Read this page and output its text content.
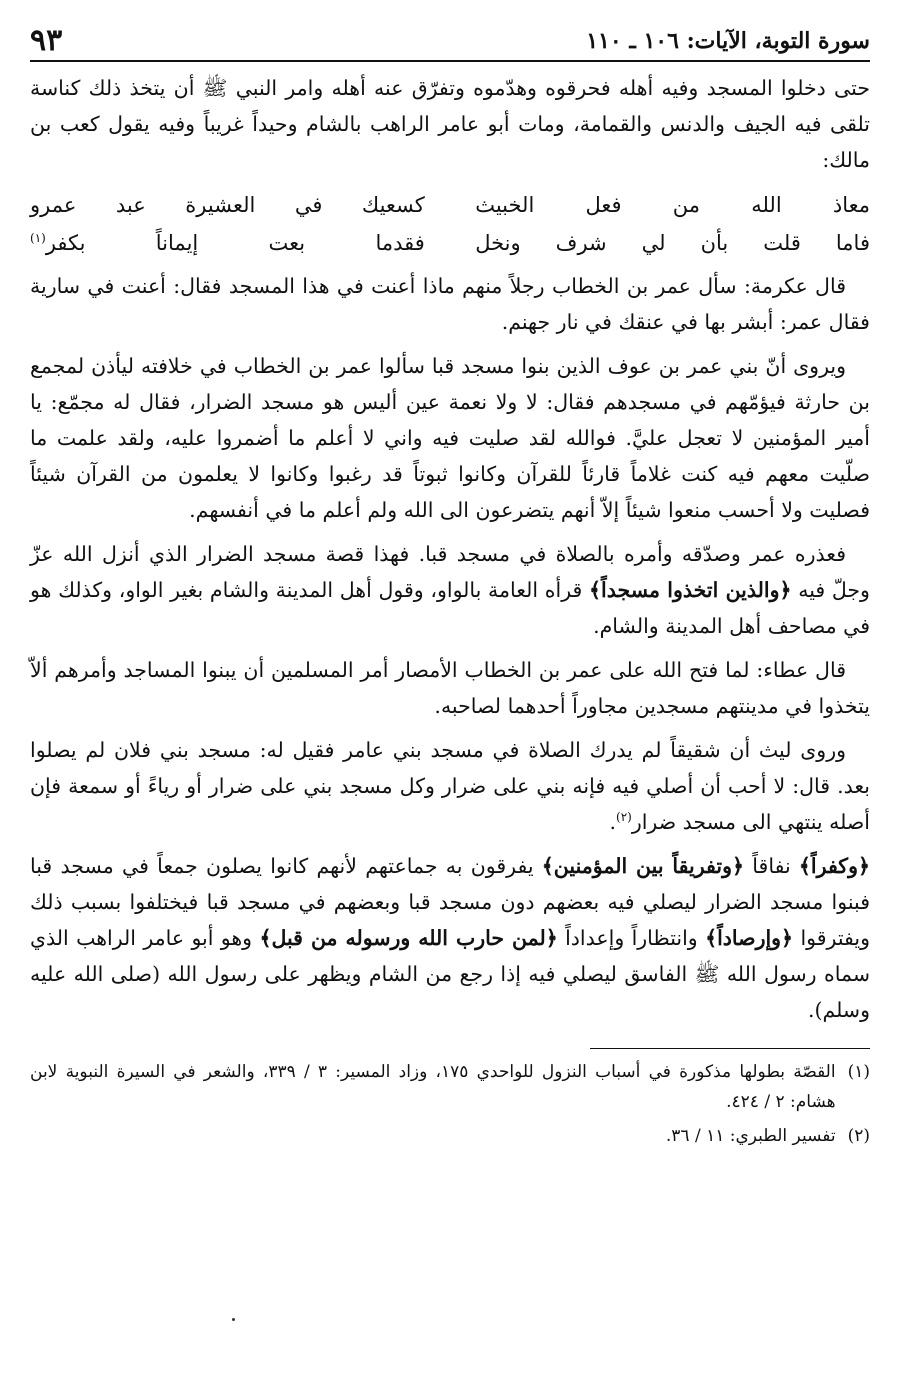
سورة التوبة، الآيات: ١٠٦ ـ ١١٠
٩٣

حتى دخلوا المسجد وفيه أهله فحرقوه وهدّموه وتفرّق عنه أهله وامر النبي ﷺ أن يتخذ ذلك كناسة تلقى فيه الجيف والدنس والقمامة، ومات أبو عامر الراهب بالشام وحيداً غريباً وفيه يقول كعب بن مالك:

معاذ الله من فعل الخبيث
كسعيك في العشيرة عبد عمرو
فاما قلت بأن لي شرف ونخل
فقدما بعت إيماناً بكفر$^{(١)}$

قال عكرمة: سأل عمر بن الخطاب رجلاً منهم ماذا أعنت في هذا المسجد فقال: أعنت في سارية فقال عمر: أبشر بها في عنقك في نار جهنم.

ويروى أنّ بني عمر بن عوف الذين بنوا مسجد قبا سألوا عمر بن الخطاب في خلافته ليأذن لمجمع بن حارثة فيؤمّهم في مسجدهم فقال: لا ولا نعمة عين أليس هو مسجد الضرار، فقال له مجمّع: يا أمير المؤمنين لا تعجل عليَّ. فوالله لقد صليت فيه واني لا أعلم ما أضمروا عليه، ولقد علمت ما صلّيت معهم فيه كنت غلاماً قارئاً للقرآن وكانوا ثبوتاً قد رغبوا وكانوا لا يعلمون من القرآن شيئاً فصليت ولا أحسب منعوا شيئاً إلاّ أنهم يتضرعون الى الله ولم أعلم ما في أنفسهم.

فعذره عمر وصدّقه وأمره بالصلاة في مسجد قبا. فهذا قصة مسجد الضرار الذي أنزل الله عزّ وجلّ فيه ﴿والذين اتخذوا مسجداً﴾ قرأه العامة بالواو، وقول أهل المدينة والشام بغير الواو، وكذلك هو في مصاحف أهل المدينة والشام.

قال عطاء: لما فتح الله على عمر بن الخطاب الأمصار أمر المسلمين أن يبنوا المساجد وأمرهم ألاّ يتخذوا في مدينتهم مسجدين مجاوراً أحدهما لصاحبه.

وروى ليث أن شقيقاً لم يدرك الصلاة في مسجد بني عامر فقيل له: مسجد بني فلان لم يصلوا بعد. قال: لا أحب أن أصلي فيه فإنه بني على ضرار وكل مسجد بني على ضرار أو رياءً أو سمعة فإن أصله ينتهي الى مسجد ضرار$^{(٢)}$.

﴿وكفراً﴾ نفاقاً ﴿وتفريقاً بين المؤمنين﴾ يفرقون به جماعتهم لأنهم كانوا يصلون جمعاً في مسجد قبا فبنوا مسجد الضرار ليصلي فيه بعضهم دون مسجد قبا وبعضهم في مسجد قبا فيختلفوا بسبب ذلك ويفترقوا ﴿وإرصاداً﴾ وانتظاراً وإعداداً ﴿لمن حارب الله ورسوله من قبل﴾ وهو أبو عامر الراهب الذي سماه رسول الله ﷺ الفاسق ليصلي فيه إذا رجع من الشام ويظهر على رسول الله (صلى الله عليه وسلم).

(١)
القصّة بطولها مذكورة في أسباب النزول للواحدي ١٧٥، وزاد المسير: ٣ / ٣٣٩، والشعر في السيرة النبوية لابن هشام: ٢ / ٤٢٤.
(٢)
تفسير الطبري: ١١ / ٣٦.
